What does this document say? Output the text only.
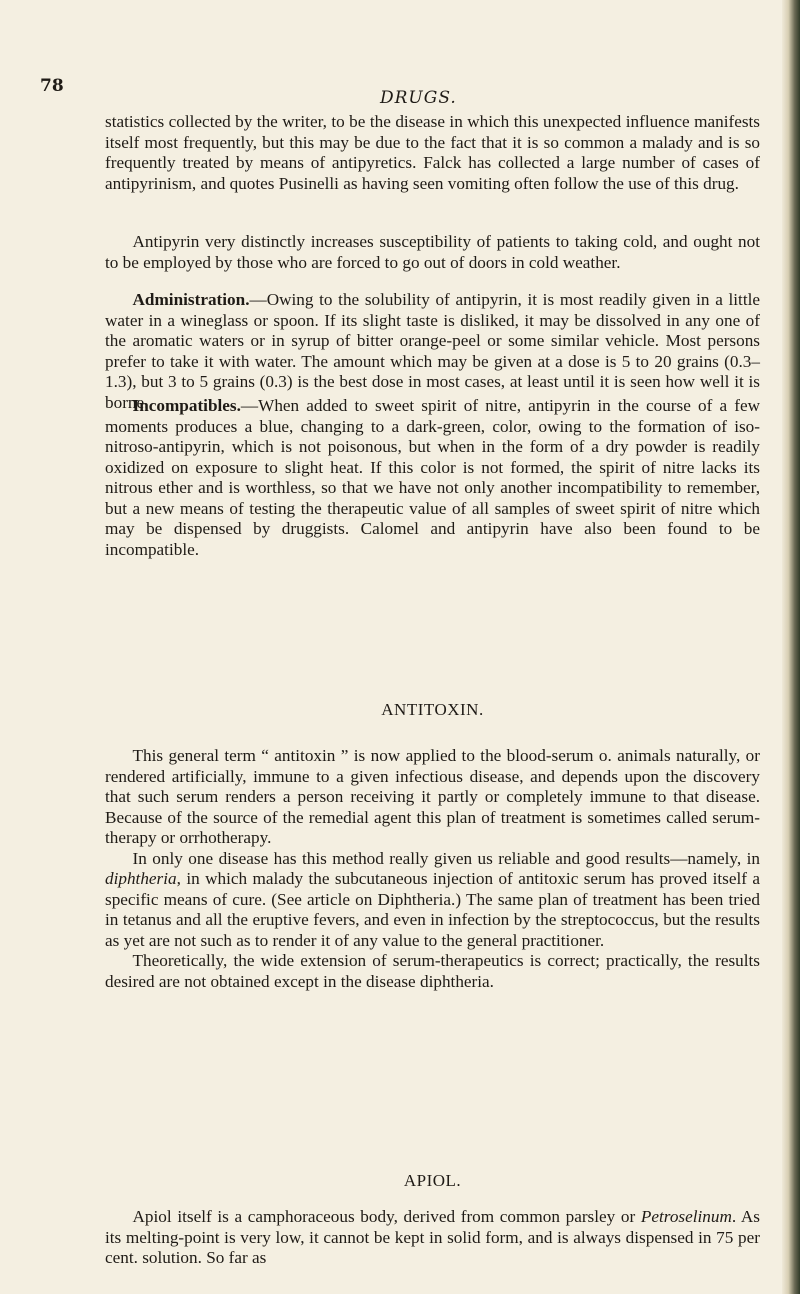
78
DRUGS.

statistics collected by the writer, to be the disease in which this unexpected influence manifests itself most frequently, but this may be due to the fact that it is so common a malady and is so frequently treated by means of antipyretics. Falck has collected a large number of cases of antipyrinism, and quotes Pusinelli as having seen vomiting often follow the use of this drug.

Antipyrin very distinctly increases susceptibility of patients to taking cold, and ought not to be employed by those who are forced to go out of doors in cold weather.

Administration.—Owing to the solubility of antipyrin, it is most readily given in a little water in a wineglass or spoon. If its slight taste is disliked, it may be dissolved in any one of the aromatic waters or in syrup of bitter orange-peel or some similar vehicle. Most persons prefer to take it with water. The amount which may be given at a dose is 5 to 20 grains (0.3–1.3), but 3 to 5 grains (0.3) is the best dose in most cases, at least until it is seen how well it is borne.

Incompatibles.—When added to sweet spirit of nitre, antipyrin in the course of a few moments produces a blue, changing to a dark-green, color, owing to the formation of iso-nitroso-antipyrin, which is not poisonous, but when in the form of a dry powder is readily oxidized on exposure to slight heat. If this color is not formed, the spirit of nitre lacks its nitrous ether and is worthless, so that we have not only another incompatibility to remember, but a new means of testing the therapeutic value of all samples of sweet spirit of nitre which may be dispensed by druggists. Calomel and antipyrin have also been found to be incompatible.

ANTITOXIN.

This general term “ antitoxin ” is now applied to the blood-serum o. animals naturally, or rendered artificially, immune to a given infectious disease, and depends upon the discovery that such serum renders a person receiving it partly or completely immune to that disease. Because of the source of the remedial agent this plan of treatment is sometimes called serum-therapy or orrhotherapy.

In only one disease has this method really given us reliable and good results—namely, in diphtheria, in which malady the subcutaneous injection of antitoxic serum has proved itself a specific means of cure. (See article on Diphtheria.) The same plan of treatment has been tried in tetanus and all the eruptive fevers, and even in infection by the streptococcus, but the results as yet are not such as to render it of any value to the general practitioner.

Theoretically, the wide extension of serum-therapeutics is correct; practically, the results desired are not obtained except in the disease diphtheria.

APIOL.

Apiol itself is a camphoraceous body, derived from common parsley or Petroselinum. As its melting-point is very low, it cannot be kept in solid form, and is always dispensed in 75 per cent. solution. So far as
